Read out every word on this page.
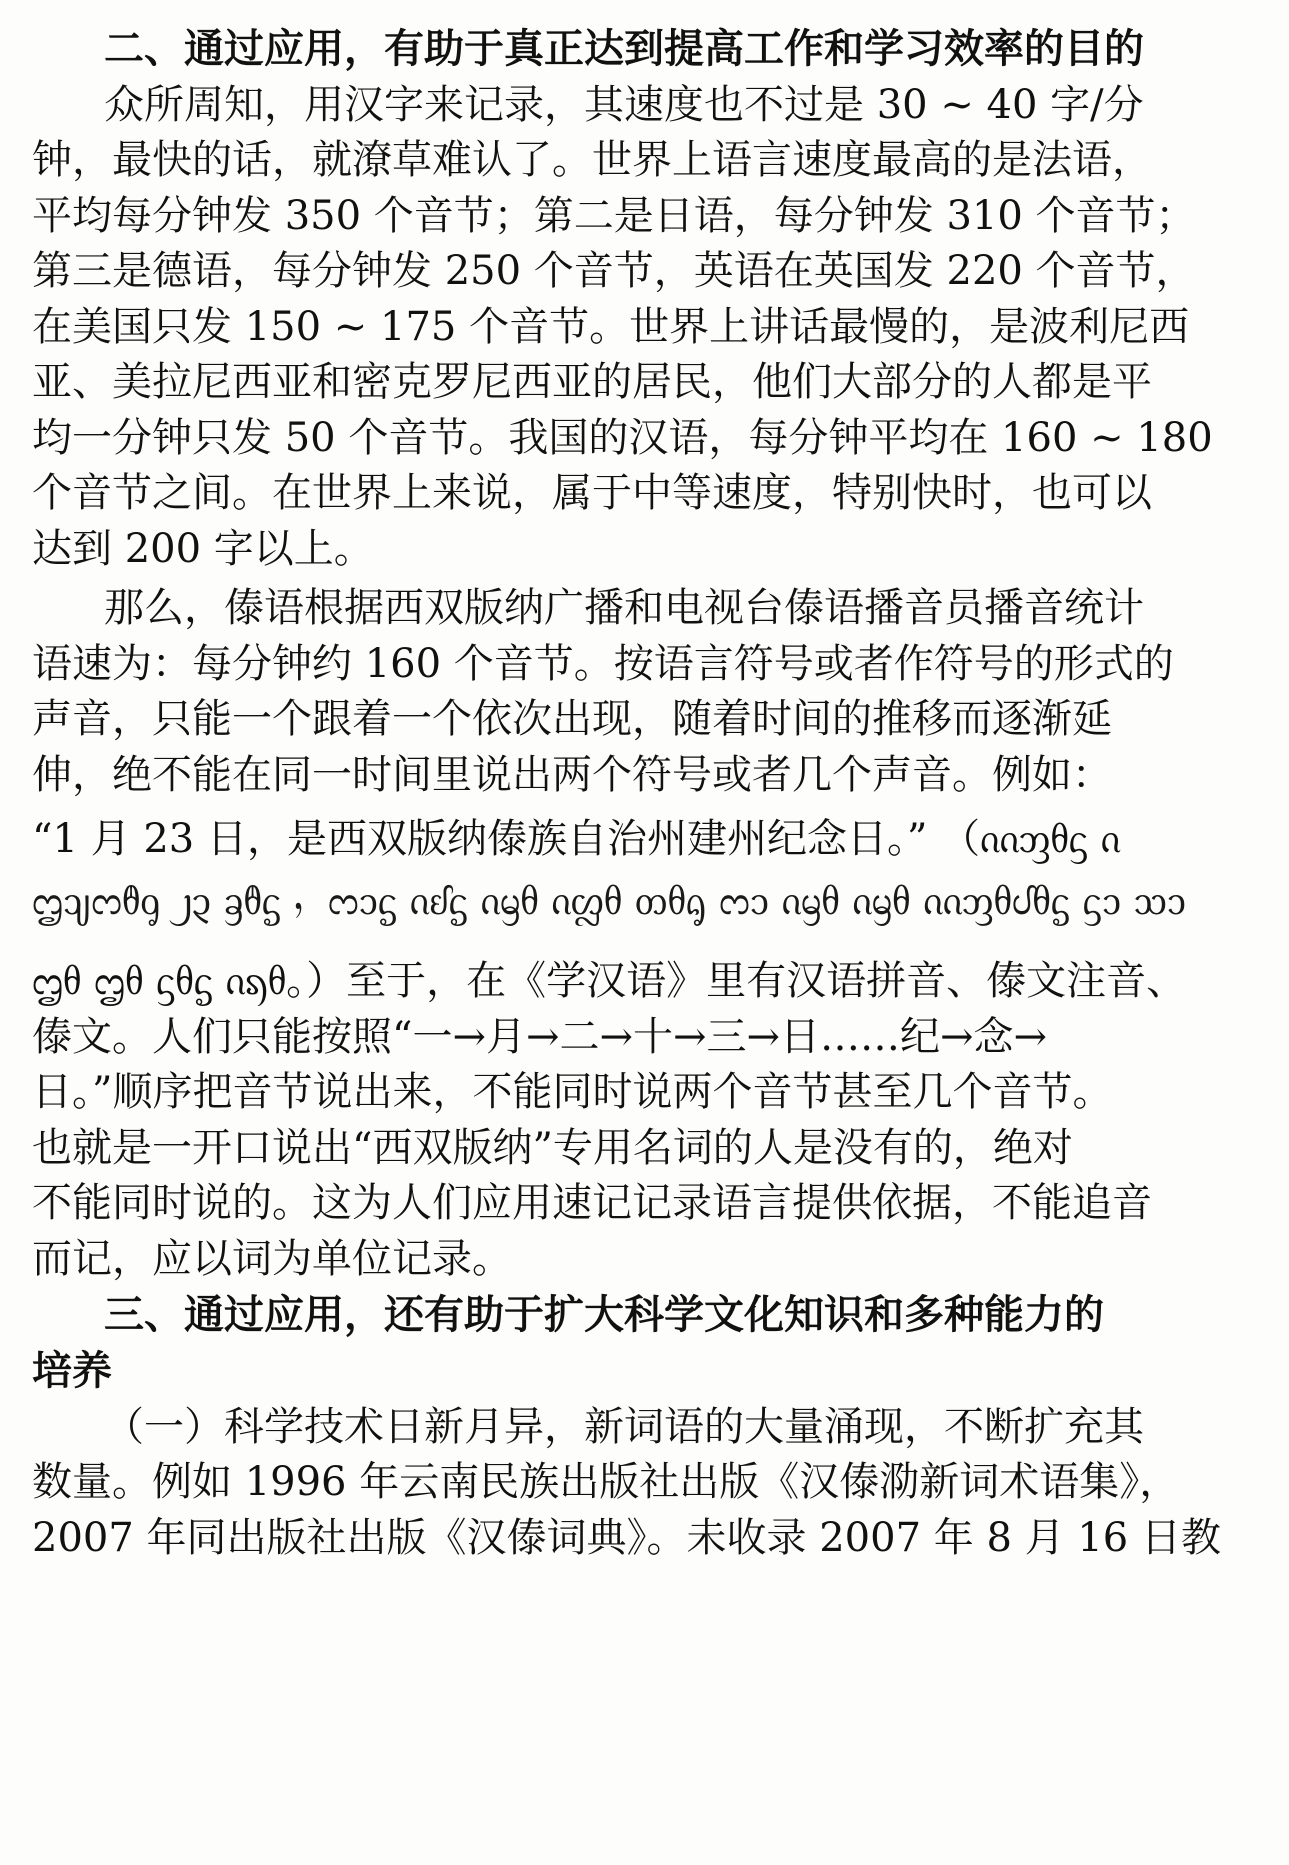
二、通过应用，有助于真正达到提高工作和学习效率的目的
众所周知，用汉字来记录，其速度也不过是 30 ~ 40 字/分
钟，最快的话，就潦草难认了。世界上语言速度最高的是法语，
平均每分钟发 350 个音节；第二是日语，每分钟发 310 个音节；
第三是德语，每分钟发 250 个音节，英语在英国发 220 个音节，
在美国只发 150 ~ 175 个音节。世界上讲话最慢的，是波利尼西
亚、美拉尼西亚和密克罗尼西亚的居民，他们大部分的人都是平
均一分钟只发 50 个音节。我国的汉语，每分钟平均在 160 ~ 180
个音节之间。在世界上来说，属于中等速度，特别快时，也可以
达到 200 字以上。
那么，傣语根据西双版纳广播和电视台傣语播音员播音统计
语速为：每分钟约 160 个音节。按语言符号或者作符号的形式的
声音，只能一个跟着一个依次出现，随着时间的推移而逐渐延
伸，绝不能在同一时间里说出两个符号或者几个声音。例如：
“1 月 23 日，是西双版纳傣族自治州建州纪念日。” （ᦶᦀᦲᦓ ᦵ
ᦗᦻᦂᦹᧁ ᧒᧓ ᦃᦹᧃ ， ᦂᦱᧃ ᦵᦊᧃ ᦵᦙᦲ ᦵᦜᦲ ᦎᦲᧂ ᦂᦱ ᦵᦙᦲ ᦵᦙᦲ ᦶᦀᦲᦔᦲᧃ ᦓᦱ ᦉᦱ
ᦗᦲ ᦗᦲ ᦓᦲᧃ ᦵᦣᦲ。）至于，在《学汉语》里有汉语拼音、傣文注音、
傣文。人们只能按照“一→月→二→十→三→日……纪→念→
日。”顺序把音节说出来，不能同时说两个音节甚至几个音节。
也就是一开口说出“西双版纳”专用名词的人是没有的，绝对
不能同时说的。这为人们应用速记记录语言提供依据，不能追音
而记，应以词为单位记录。
三、通过应用，还有助于扩大科学文化知识和多种能力的
培养
（一）科学技术日新月异，新词语的大量涌现，不断扩充其
数量。例如 1996 年云南民族出版社出版《汉傣泐新词术语集》，
2007 年同出版社出版《汉傣词典》。未收录 2007 年 8 月 16 日教
